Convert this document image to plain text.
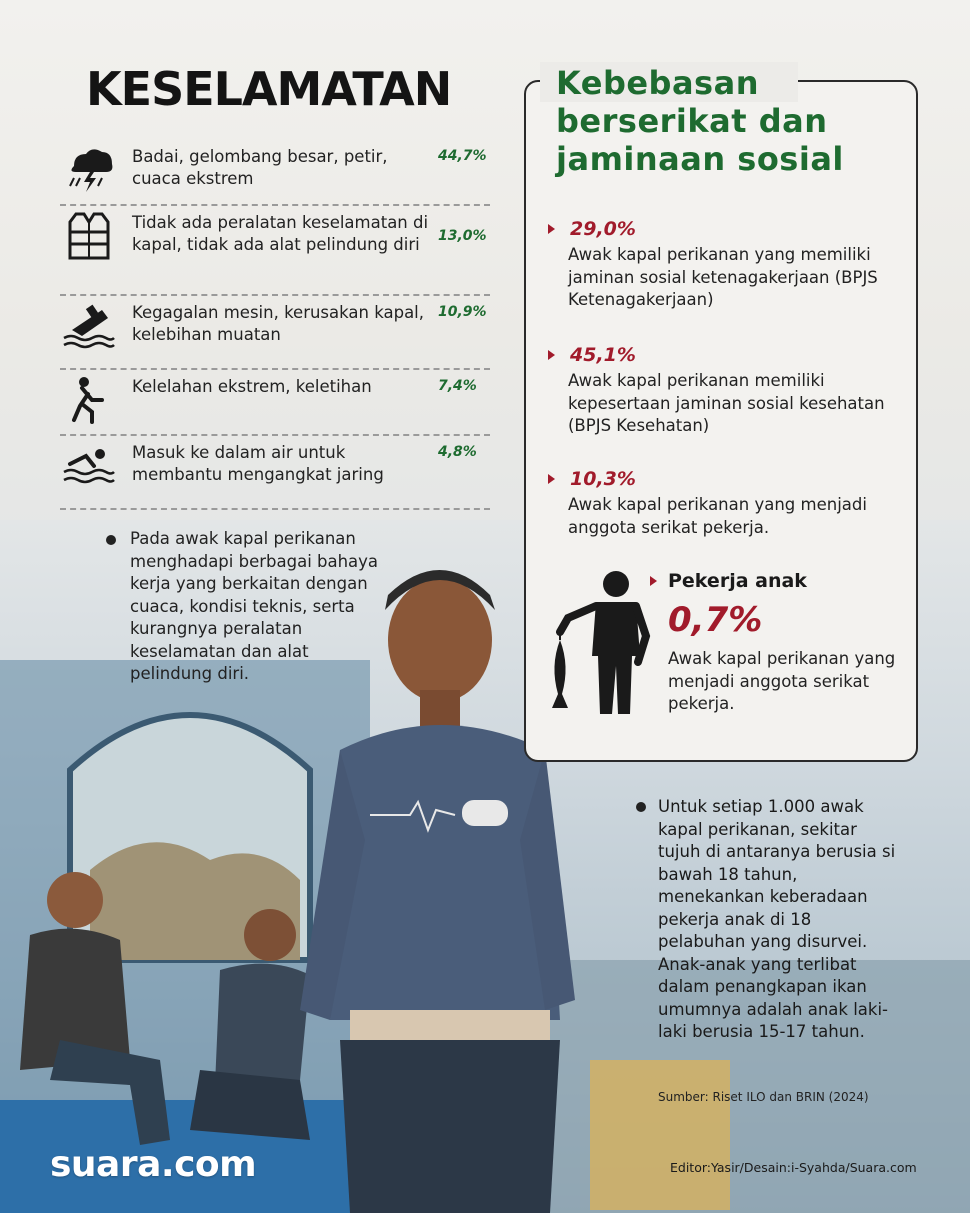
KESELAMATAN
Badai, gelombang besar, petir, cuaca ekstrem
44,7%
Tidak ada peralatan keselamatan di kapal, tidak ada alat pelindung diri	13,0%
Kegagalan mesin, kerusakan kapal, kelebihan muatan
10,9%
Kelelahan ekstrem, keletihan	7,4%
Masuk ke dalam air untuk membantu mengangkat jaring
4,8%
Pada awak kapal perikanan menghadapi berbagai bahaya kerja yang berkaitan dengan cuaca, kondisi teknis, serta kurangnya peralatan keselamatan dan alat pelindung diri.
Kebebasan berserikat dan jaminaan sosial
29,0%
Awak kapal perikanan yang memiliki jaminan sosial ketenagakerjaan (BPJS Ketenagakerjaan)
45,1%
Awak kapal perikanan memiliki kepesertaan jaminan sosial kesehatan (BPJS Kesehatan)
10,3%
Awak kapal perikanan yang menjadi anggota serikat pekerja.
Pekerja anak
0,7%
Awak kapal perikanan yang menjadi anggota serikat pekerja.
Untuk setiap 1.000 awak kapal perikanan, sekitar tujuh di antaranya berusia si bawah 18 tahun, menekankan keberadaan pekerja anak di 18 pelabuhan yang disurvei. Anak-anak yang terlibat dalam penangkapan ikan umumnya adalah anak laki-laki berusia 15-17 tahun.
Sumber: Riset ILO dan BRIN (2024)
Editor:Yasir/Desain:i-Syahda/Suara.com
suara.com
